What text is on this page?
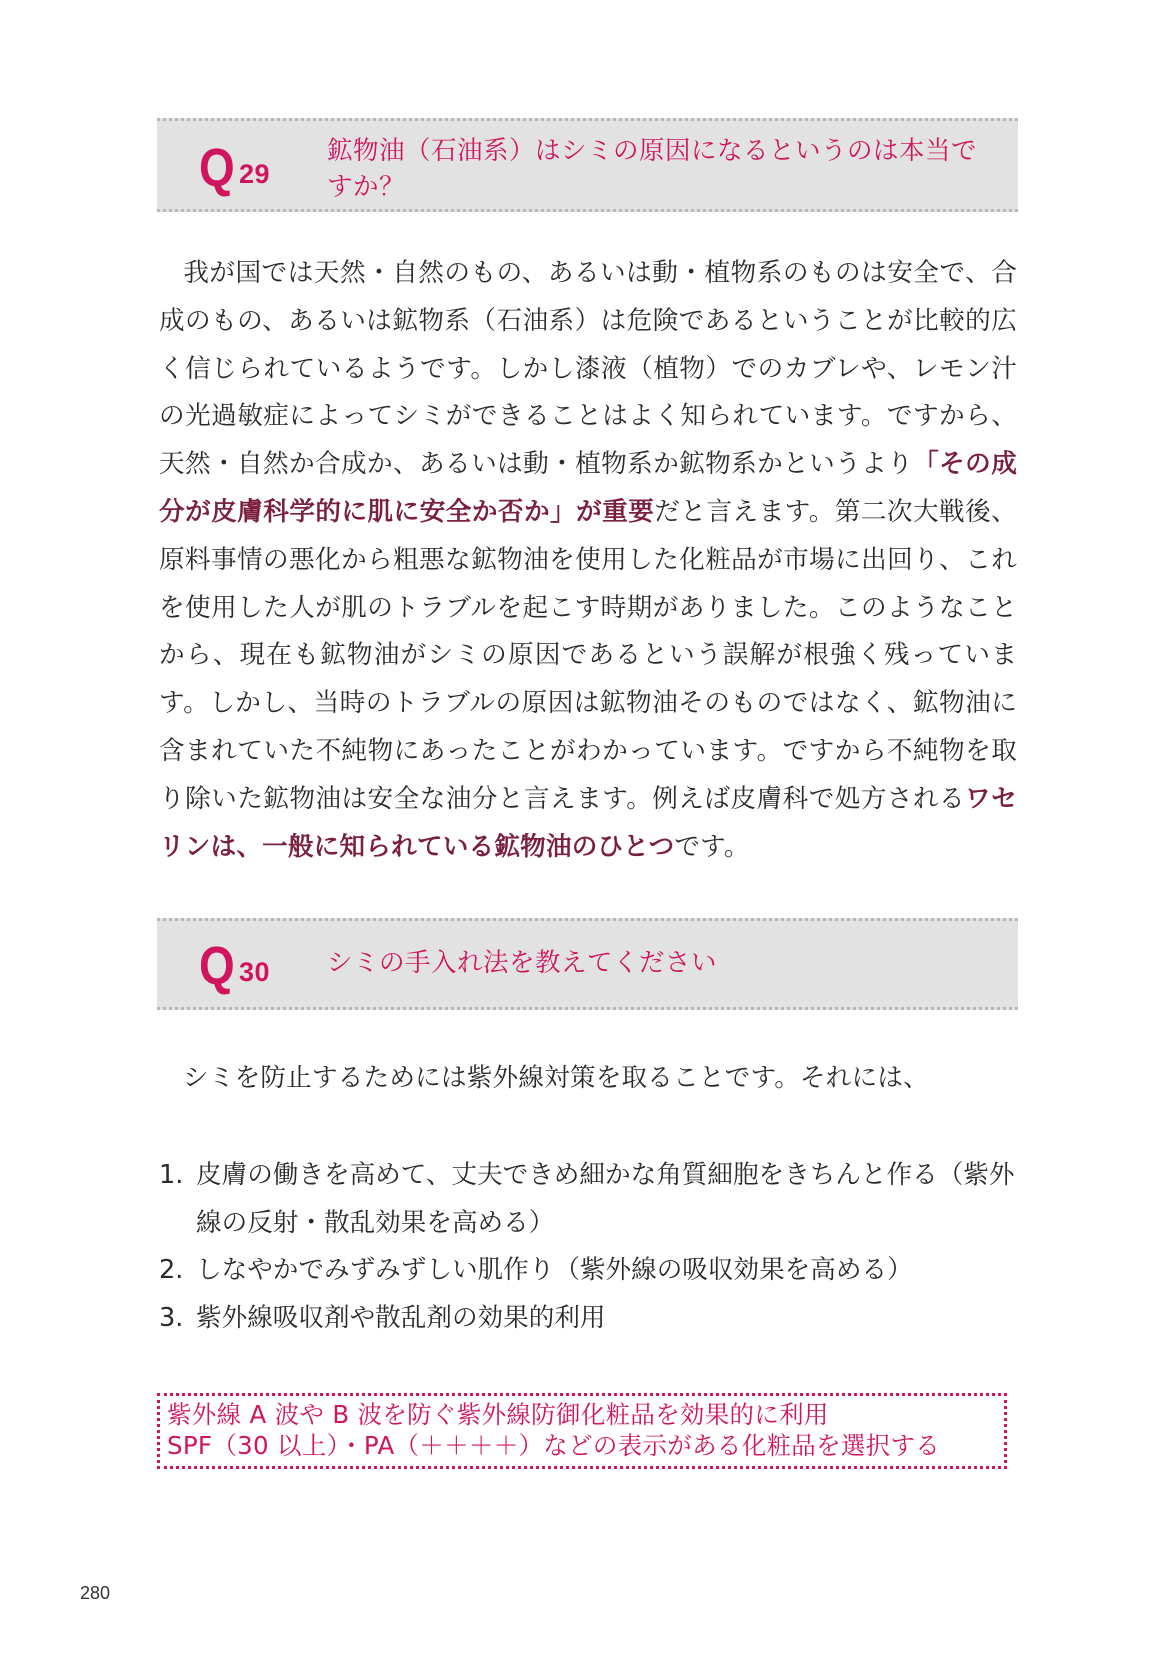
Q 29
鉱物油（石油系）はシミの原因になるというのは本当ですか？
我が国では天然・自然のもの、あるいは動・植物系のものは安全で、合成のもの、あるいは鉱物系（石油系）は危険であるということが比較的広く信じられているようです。しかし漆液（植物）でのカブレや、レモン汁の光過敏症によってシミができることはよく知られています。ですから、天然・自然か合成か、あるいは動・植物系か鉱物系かというより「その成分が皮膚科学的に肌に安全か否か」が重要だと言えます。第二次大戦後、原料事情の悪化から粗悪な鉱物油を使用した化粧品が市場に出回り、これを使用した人が肌のトラブルを起こす時期がありました。このようなことから、現在も鉱物油がシミの原因であるという誤解が根強く残っています。しかし、当時のトラブルの原因は鉱物油そのものではなく、鉱物油に含まれていた不純物にあったことがわかっています。ですから不純物を取り除いた鉱物油は安全な油分と言えます。例えば皮膚科で処方されるワセリンは、一般に知られている鉱物油のひとつです。
Q 30 シミの手入れ法を教えてください
シミを防止するためには紫外線対策を取ることです。それには、
1. 皮膚の働きを高めて、丈夫できめ細かな角質細胞をきちんと作る（紫外線の反射・散乱効果を高める）
2. しなやかでみずみずしい肌作り（紫外線の吸収効果を高める）
3. 紫外線吸収剤や散乱剤の効果的利用
紫外線 A 波や B 波を防ぐ紫外線防御化粧品を効果的に利用
SPF（30 以上）・PA（＋＋＋＋）などの表示がある化粧品を選択する
280
